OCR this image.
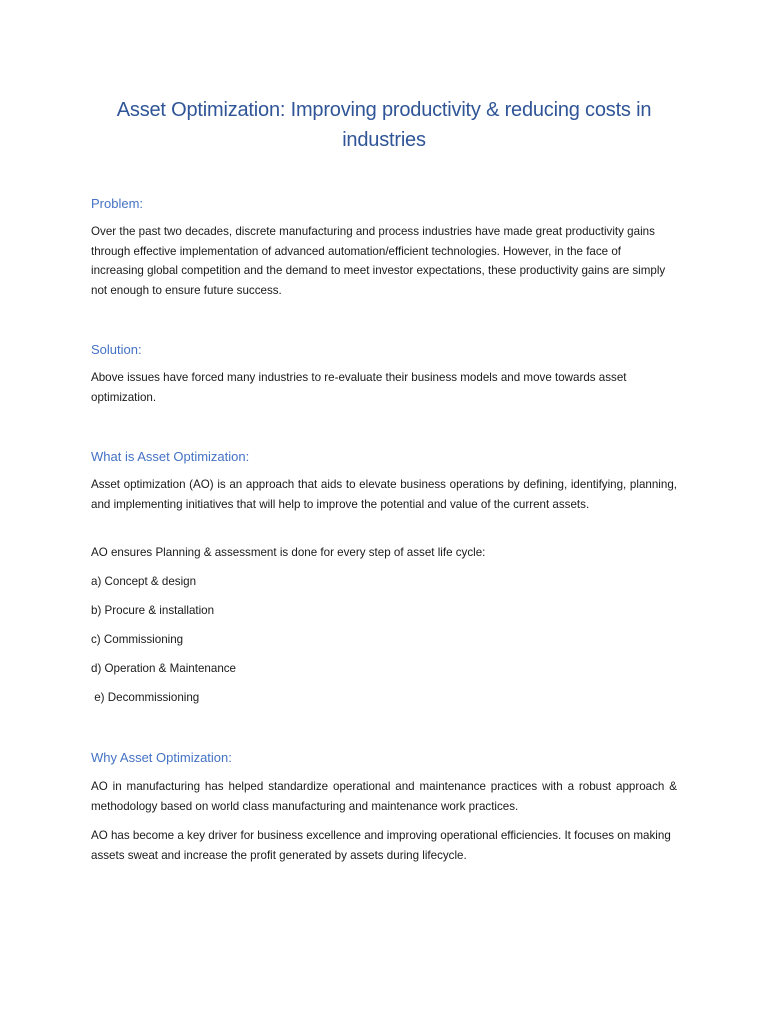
Asset Optimization: Improving productivity & reducing costs in industries
Problem:

Over the past two decades, discrete manufacturing and process industries have made great productivity gains through effective implementation of advanced automation/efficient technologies. However, in the face of increasing global competition and the demand to meet investor expectations, these productivity gains are simply not enough to ensure future success.

Solution:

Above issues have forced many industries to re-evaluate their business models and move towards asset optimization.

What is Asset Optimization:

Asset optimization (AO) is an approach that aids to elevate business operations by defining, identifying, planning, and implementing initiatives that will help to improve the potential and value of the current assets.

AO ensures Planning & assessment is done for every step of asset life cycle:

a) Concept & design

b) Procure & installation

c) Commissioning

d) Operation & Maintenance

e) Decommissioning

Why Asset Optimization:

AO in manufacturing has helped standardize operational and maintenance practices with a robust approach & methodology based on world class manufacturing and maintenance work practices.

AO has become a key driver for business excellence and improving operational efficiencies. It focuses on making assets sweat and increase the profit generated by assets during lifecycle.
